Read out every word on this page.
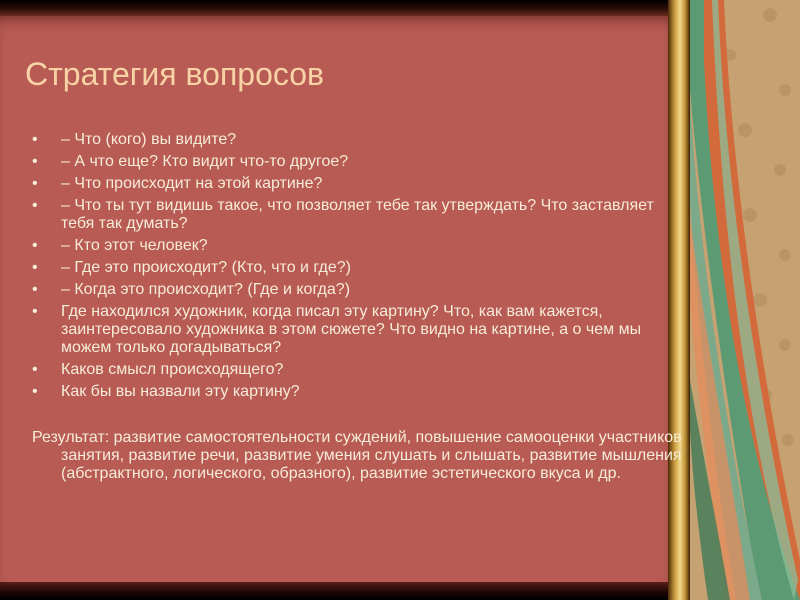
Стратегия вопросов
• – Что (кого) вы видите?
• – А что еще? Кто видит что-то другое?
• – Что происходит на этой картине?
• – Что ты тут видишь такое, что позволяет тебе так утверждать? Что заставляет тебя так думать?
• – Кто этот человек?
• – Где это происходит? (Кто, что и где?)
• – Когда это происходит? (Где и когда?)
• Где находился художник, когда писал эту картину? Что, как вам кажется, заинтересовало художника в этом сюжете? Что видно на картине, а о чем мы можем только догадываться?
• Каков смысл происходящего?
• Как бы вы назвали эту картину?

Результат: развитие самостоятельности суждений, повышение самооценки участников занятия, развитие речи, развитие умения слушать и слышать, развитие мышления (абстрактного, логического, образного), развитие эстетического вкуса и др.
